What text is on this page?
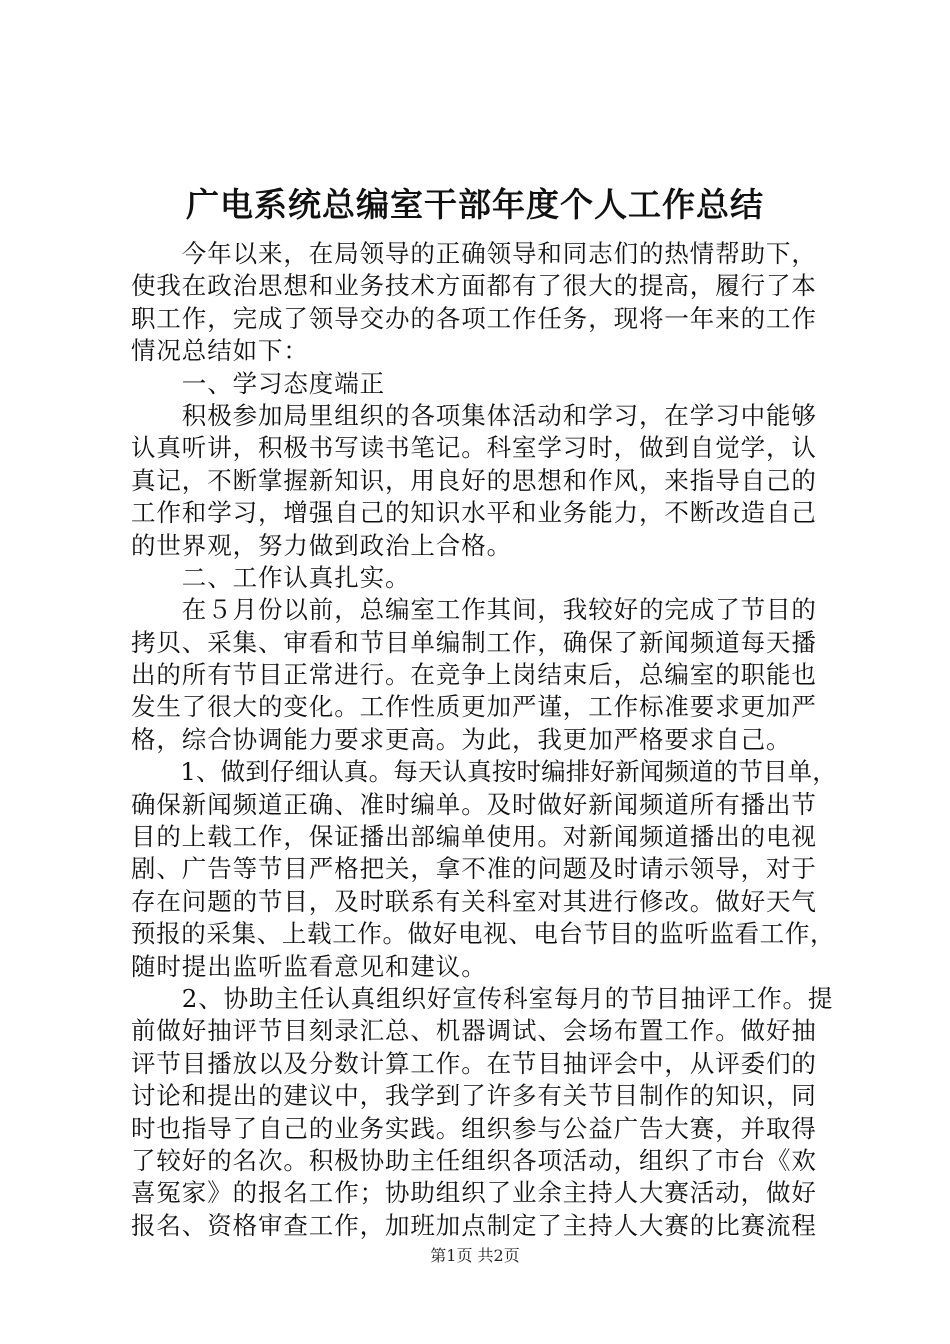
广电系统总编室干部年度个人工作总结
　　今年以来，在局领导的正确领导和同志们的热情帮助下，
使我在政治思想和业务技术方面都有了很大的提高，履行了本
职工作，完成了领导交办的各项工作任务，现将一年来的工作
情况总结如下：
　　一、学习态度端正
　　积极参加局里组织的各项集体活动和学习，在学习中能够
认真听讲，积极书写读书笔记。科室学习时，做到自觉学，认
真记，不断掌握新知识，用良好的思想和作风，来指导自己的
工作和学习，增强自己的知识水平和业务能力，不断改造自己
的世界观，努力做到政治上合格。
　　二、工作认真扎实。
　　在５月份以前，总编室工作其间，我较好的完成了节目的
拷贝、采集、审看和节目单编制工作，确保了新闻频道每天播
出的所有节目正常进行。在竞争上岗结束后，总编室的职能也
发生了很大的变化。工作性质更加严谨，工作标准要求更加严
格，综合协调能力要求更高。为此，我更加严格要求自己。
　　1、做到仔细认真。每天认真按时编排好新闻频道的节目单，
确保新闻频道正确、准时编单。及时做好新闻频道所有播出节
目的上载工作，保证播出部编单使用。对新闻频道播出的电视
剧、广告等节目严格把关，拿不准的问题及时请示领导，对于
存在问题的节目，及时联系有关科室对其进行修改。做好天气
预报的采集、上载工作。做好电视、电台节目的监听监看工作，
随时提出监听监看意见和建议。
　　2、协助主任认真组织好宣传科室每月的节目抽评工作。提
前做好抽评节目刻录汇总、机器调试、会场布置工作。做好抽
评节目播放以及分数计算工作。在节目抽评会中，从评委们的
讨论和提出的建议中，我学到了许多有关节目制作的知识，同
时也指导了自己的业务实践。组织参与公益广告大赛，并取得
了较好的名次。积极协助主任组织各项活动，组织了市台《欢
喜冤家》的报名工作；协助组织了业余主持人大赛活动，做好
报名、资格审查工作，加班加点制定了主持人大赛的比赛流程
第1页 共2页
